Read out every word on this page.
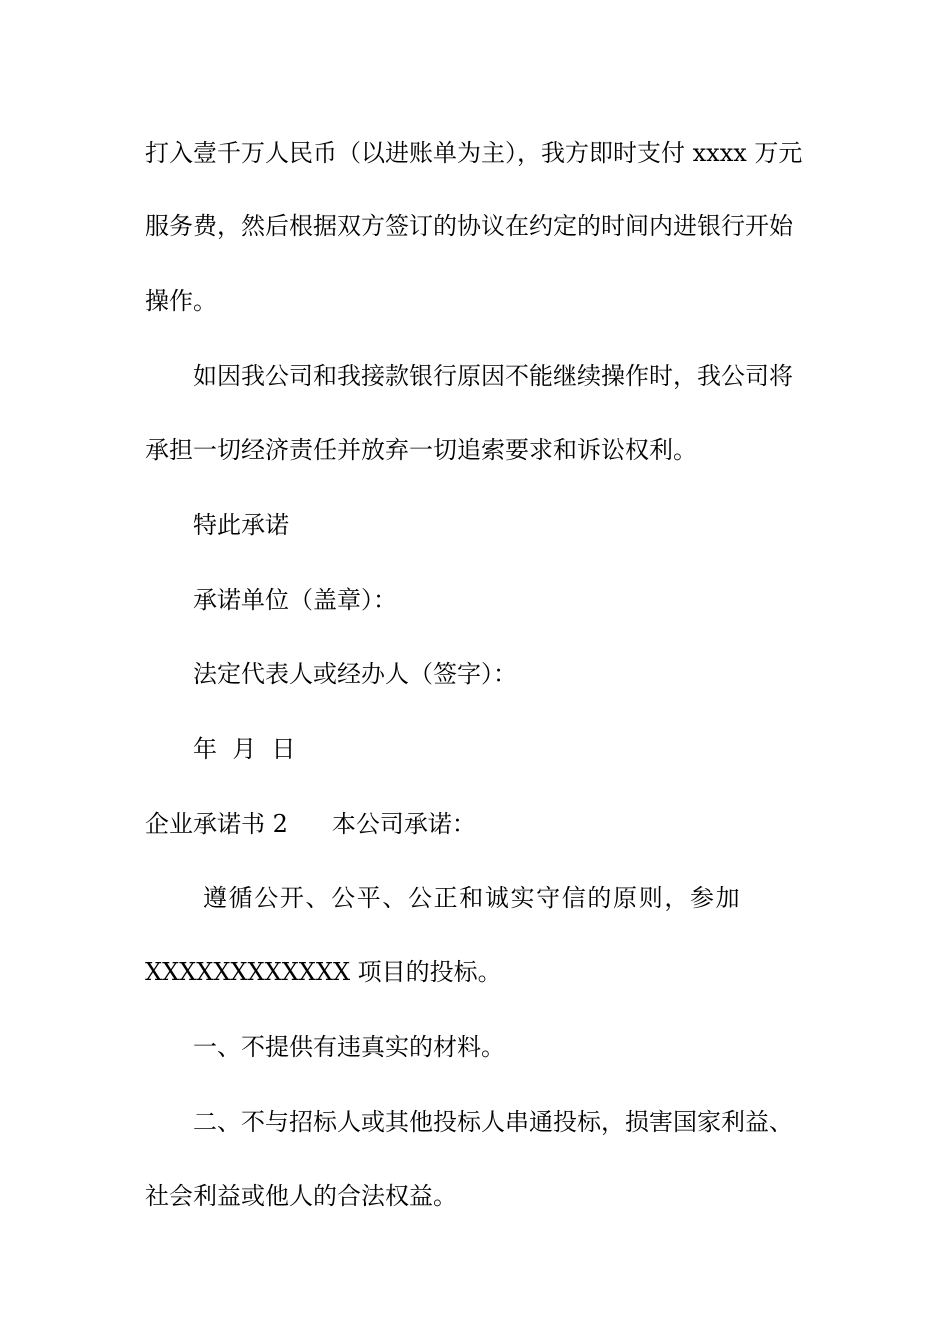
打入壹千万人民币（以进账单为主），我方即时支付 xxxx 万元
服务费，然后根据双方签订的协议在约定的时间内进银行开始
操作。
如因我公司和我接款银行原因不能继续操作时，我公司将
承担一切经济责任并放弃一切追索要求和诉讼权利。
特此承诺
承诺单位（盖章）：
法定代表人或经办人（签字）：
年  月  日
企业承诺书 2 本公司承诺：
遵 循 公 开 、 公 平 、 公 正 和 诚 实 守 信 的 原 则 ， 参 加
XXXXXXXXXXXX 项目的投标。
一、不提供有违真实的材料。
二、不与招标人或其他投标人串通投标，损害国家利益、
社会利益或他人的合法权益。
